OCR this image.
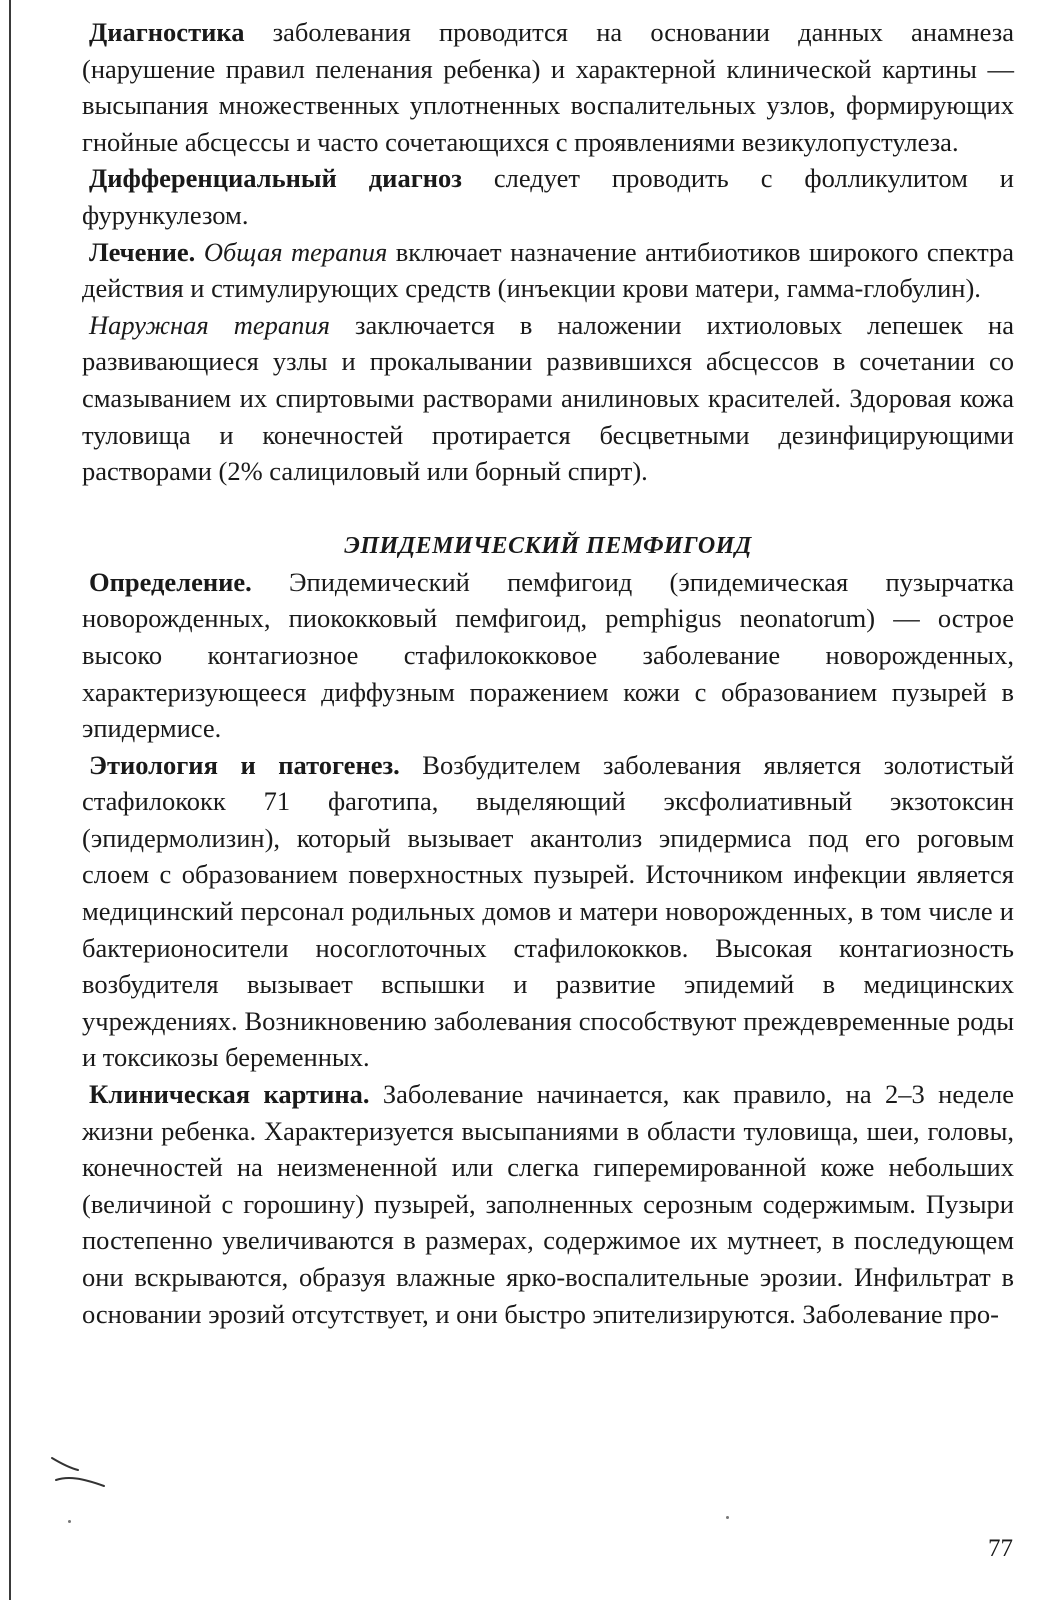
Диагностика заболевания проводится на основании данных анамнеза (нарушение правил пеленания ребенка) и характерной клинической картины — высыпания множественных уплотненных воспалительных узлов, формирующих гнойные абсцессы и часто сочетающихся с проявлениями везикулопустулеза.

Дифференциальный диагноз следует проводить с фолликулитом и фурункулезом.

Лечение. Общая терапия включает назначение антибиотиков широкого спектра действия и стимулирующих средств (инъекции крови матери, гамма-глобулин).

Наружная терапия заключается в наложении ихтиоловых лепешек на развивающиеся узлы и прокалывании развившихся абсцессов в сочетании со смазыванием их спиртовыми растворами анилиновых красителей. Здоровая кожа туловища и конечностей протирается бесцветными дезинфицирующими растворами (2% салициловый или борный спирт).

ЭПИДЕМИЧЕСКИЙ ПЕМФИГОИД

Определение. Эпидемический пемфигоид (эпидемическая пузырчатка новорожденных, пиококковый пемфигоид, pemphigus neonatorum) — острое высоко контагиозное стафилококковое заболевание новорожденных, характеризующееся диффузным поражением кожи с образованием пузырей в эпидермисе.

Этиология и патогенез. Возбудителем заболевания является золотистый стафилококк 71 фаготипа, выделяющий эксфолиативный экзотоксин (эпидермолизин), который вызывает акантолиз эпидермиса под его роговым слоем с образованием поверхностных пузырей. Источником инфекции является медицинский персонал родильных домов и матери новорожденных, в том числе и бактерионосители носоглоточных стафилококков. Высокая контагиозность возбудителя вызывает вспышки и развитие эпидемий в медицинских учреждениях. Возникновению заболевания способствуют преждевременные роды и токсикозы беременных.

Клиническая картина. Заболевание начинается, как правило, на 2–3 неделе жизни ребенка. Характеризуется высыпаниями в области туловища, шеи, головы, конечностей на неизмененной или слегка гиперемированной коже небольших (величиной с горошину) пузырей, заполненных серозным содержимым. Пузыри постепенно увеличиваются в размерах, содержимое их мутнеет, в последующем они вскрываются, образуя влажные ярко-воспалительные эрозии. Инфильтрат в основании эрозий отсутствует, и они быстро эпителизируются. Заболевание про-

77
